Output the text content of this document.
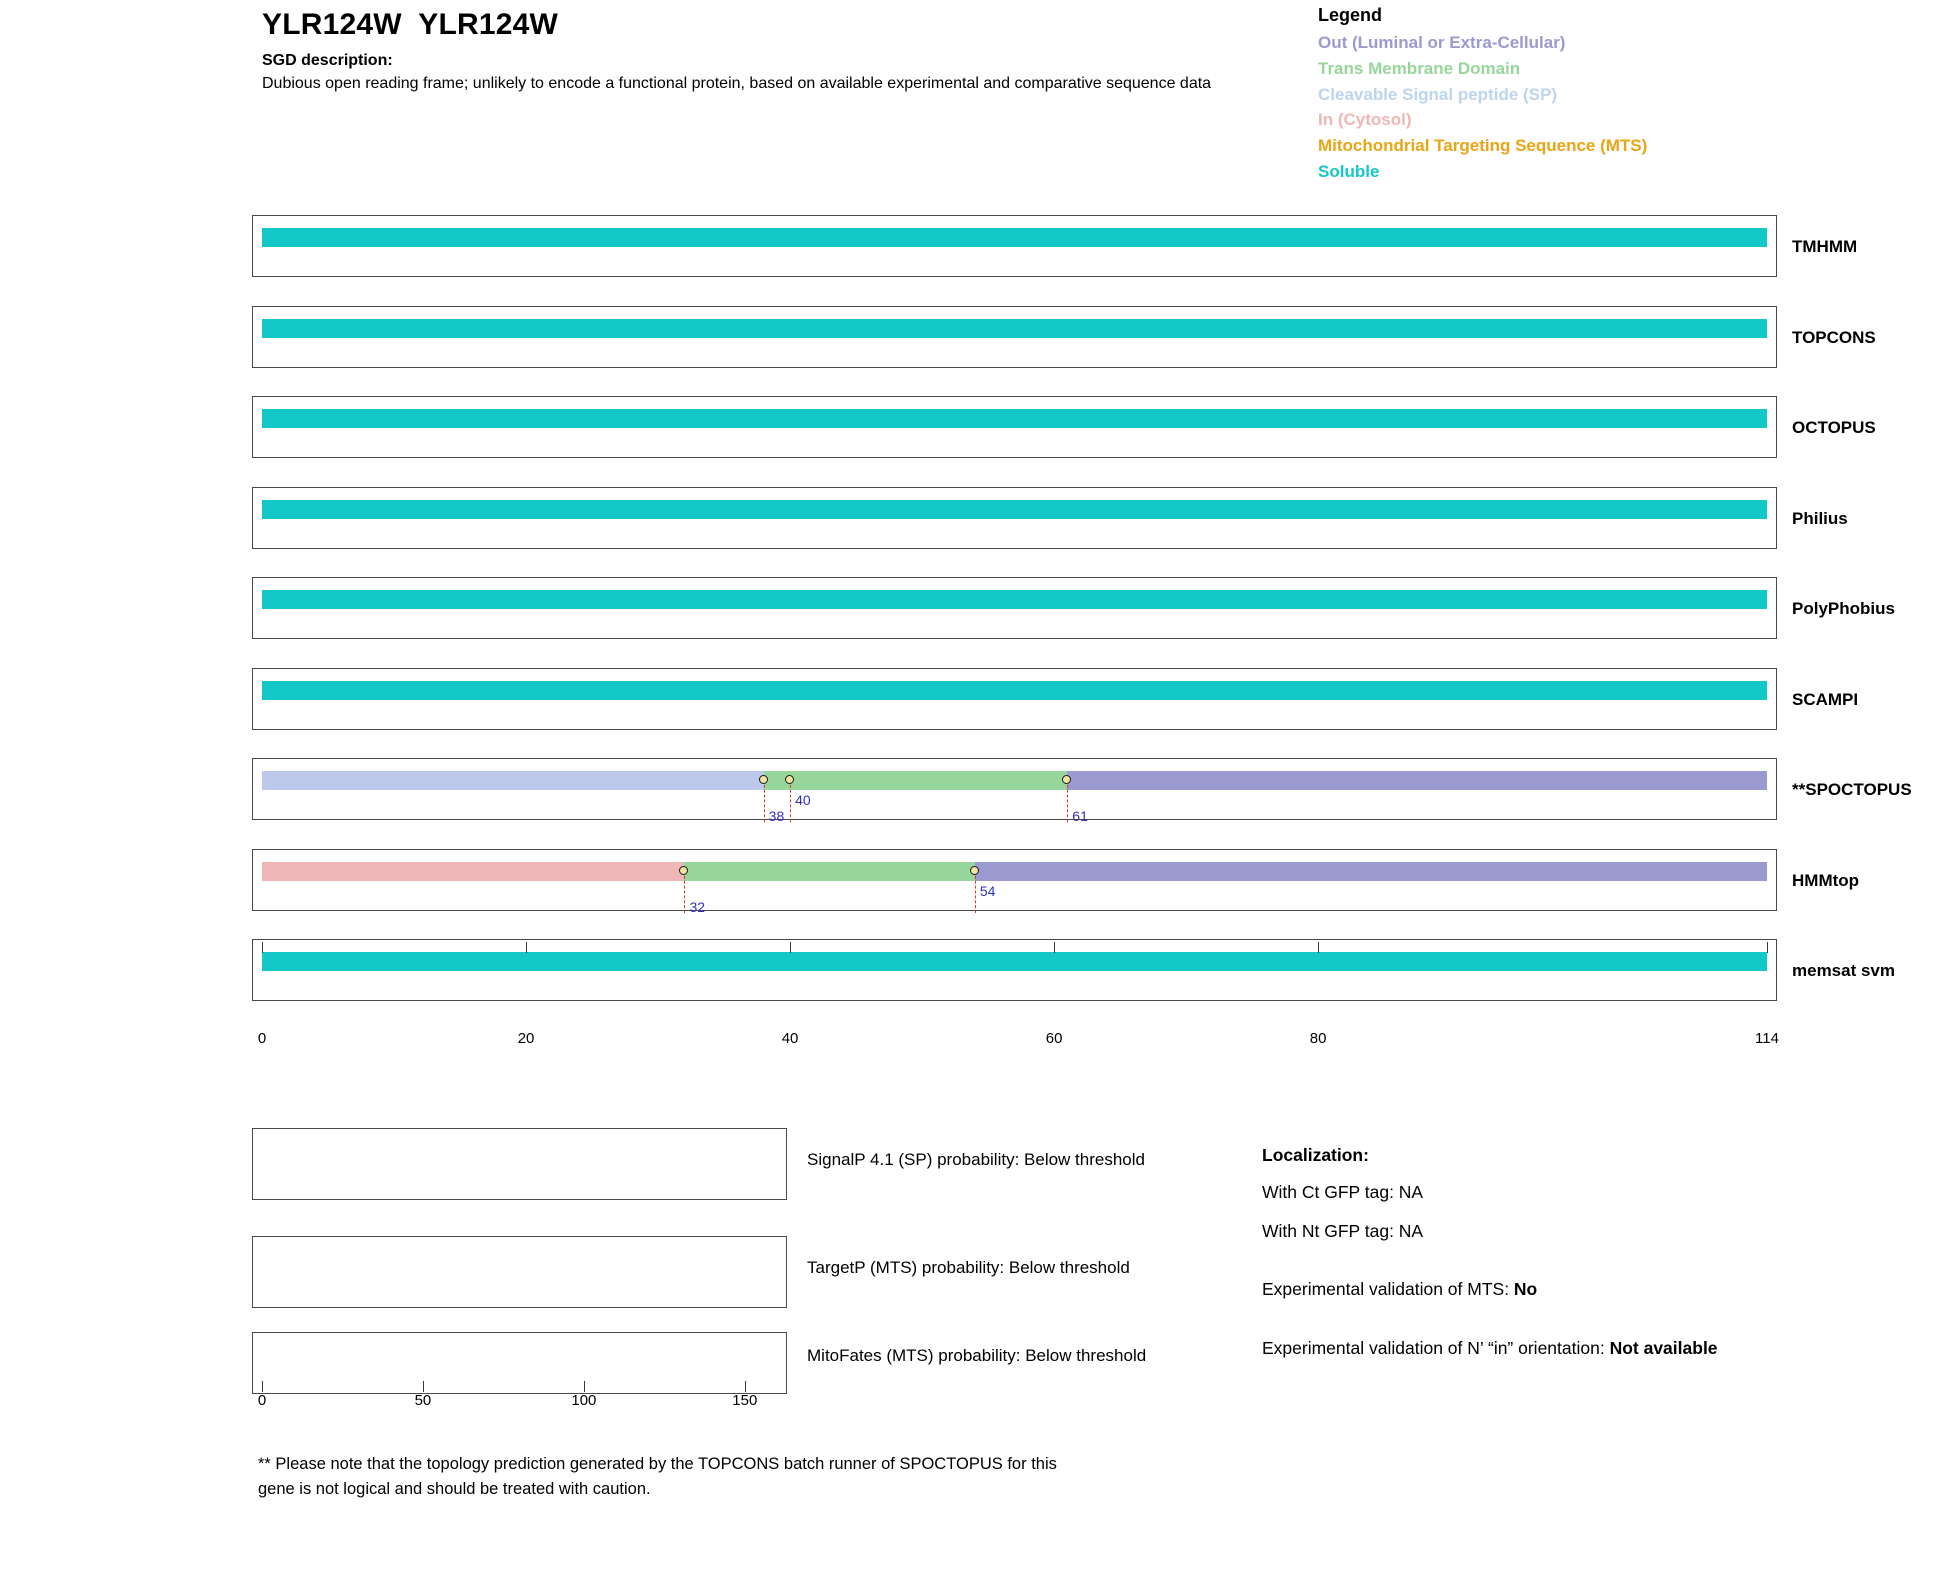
YLR124W  YLR124W
SGD description:
Dubious open reading frame; unlikely to encode a functional protein, based on available experimental and comparative sequence data
Legend
Out (Luminal or Extra-Cellular)
Trans Membrane Domain
Cleavable Signal peptide (SP)
In (Cytosol)
Mitochondrial Targeting Sequence (MTS)
Soluble
TMHMM
TOPCONS
OCTOPUS
Philius
PolyPhobius
SCAMPI
38
40
61
**SPOCTOPUS
32
54
HMMtop
memsat svm
0	20	40	60	80	114
SignalP 4.1 (SP) probability: Below threshold
TargetP (MTS) probability: Below threshold
MitoFates (MTS) probability: Below threshold
0	50	100	150
Localization:
With Ct GFP tag: NA
With Nt GFP tag: NA
Experimental validation of MTS: No
Experimental validation of N’ “in” orientation: Not available
** Please note that the topology prediction generated by the TOPCONS batch runner of SPOCTOPUS for this gene is not logical and should be treated with caution.
